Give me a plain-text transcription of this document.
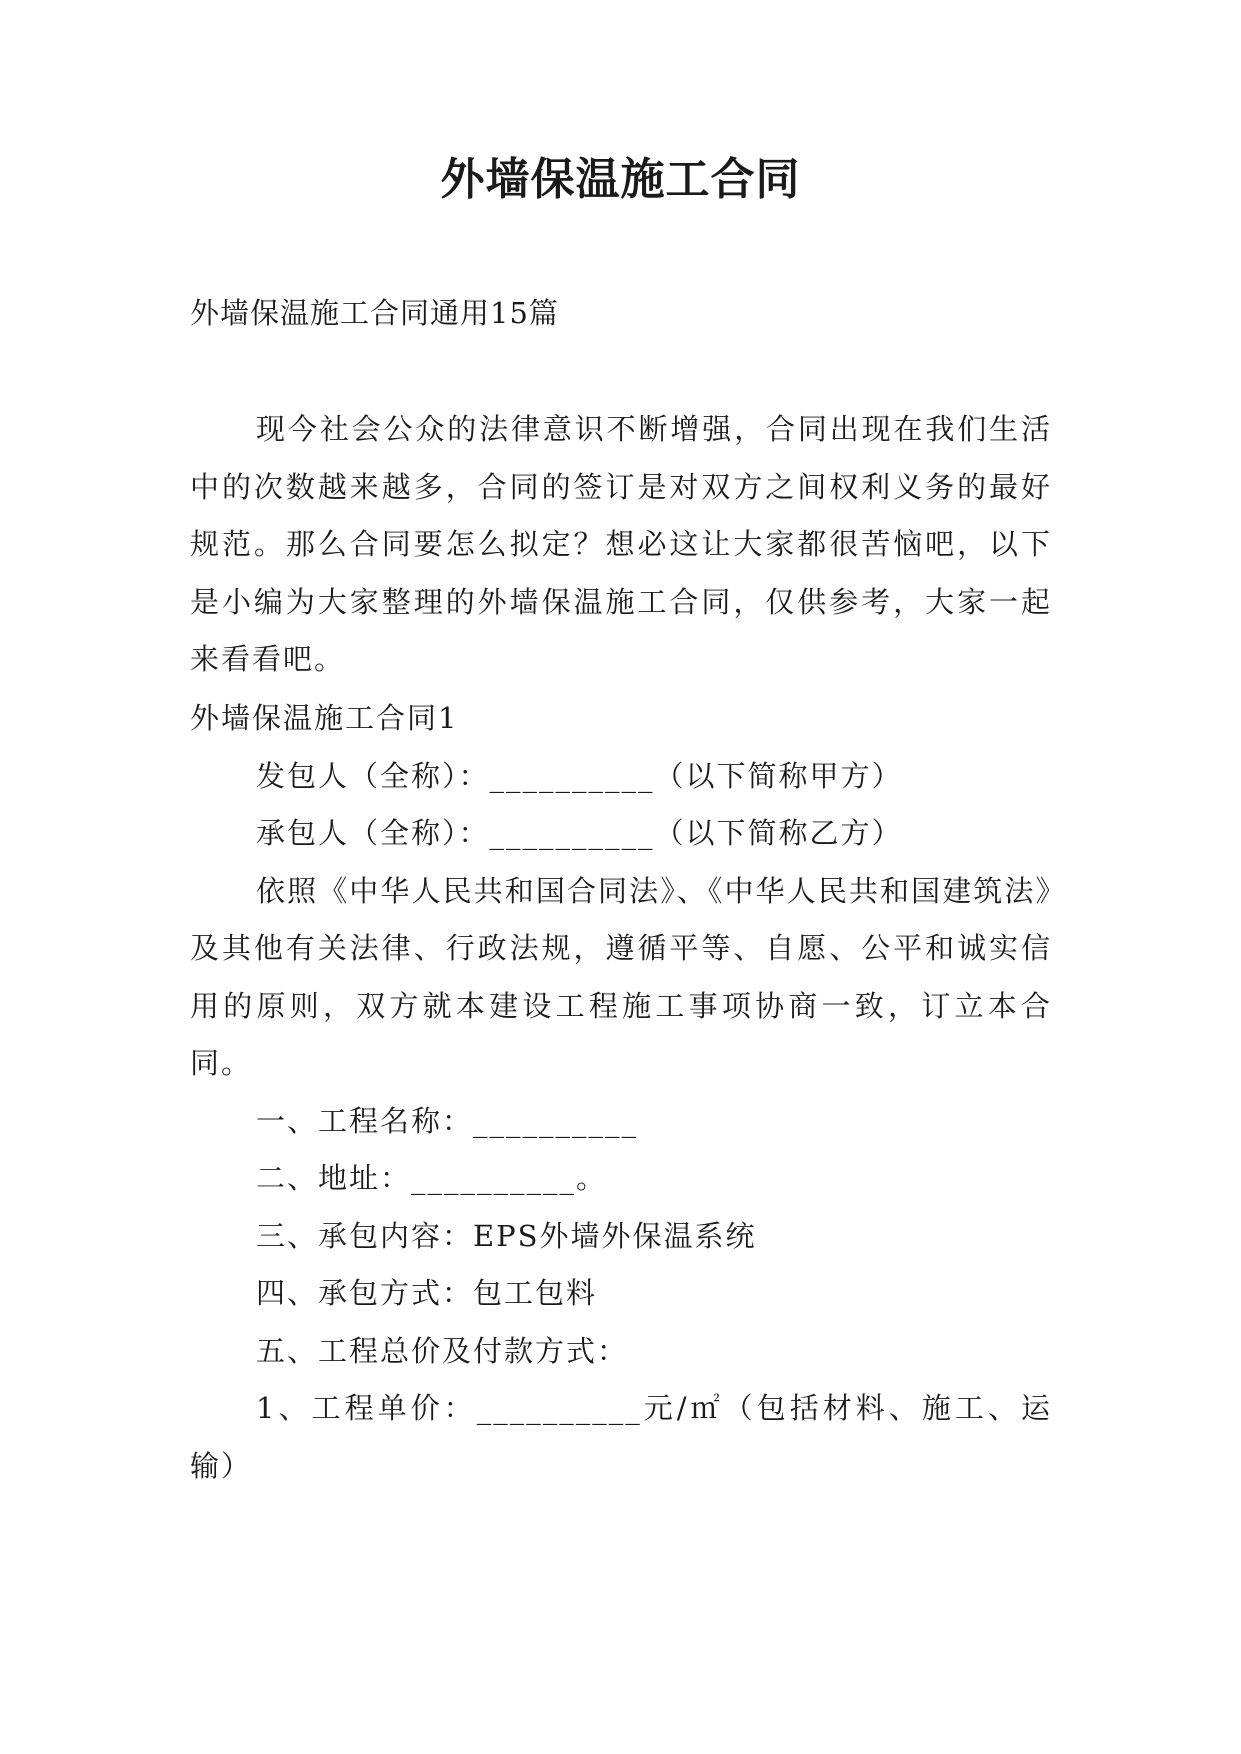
外墙保温施工合同
外墙保温施工合同通用15篇

现今社会公众的法律意识不断增强，合同出现在我们生活中的次数越来越多，合同的签订是对双方之间权利义务的最好规范。那么合同要怎么拟定？想必这让大家都很苦恼吧，以下是小编为大家整理的外墙保温施工合同，仅供参考，大家一起来看看吧。

外墙保温施工合同1

发包人（全称）：__________（以下简称甲方）

承包人（全称）：__________（以下简称乙方）

依照《中华人民共和国合同法》、《中华人民共和国建筑法》及其他有关法律、行政法规，遵循平等、自愿、公平和诚实信用的原则，双方就本建设工程施工事项协商一致，订立本合同。

一、工程名称：__________

二、地址：__________。

三、承包内容：EPS外墙外保温系统

四、承包方式：包工包料

五、工程总价及付款方式：

1、工程单价：__________元/㎡（包括材料、施工、运输）
